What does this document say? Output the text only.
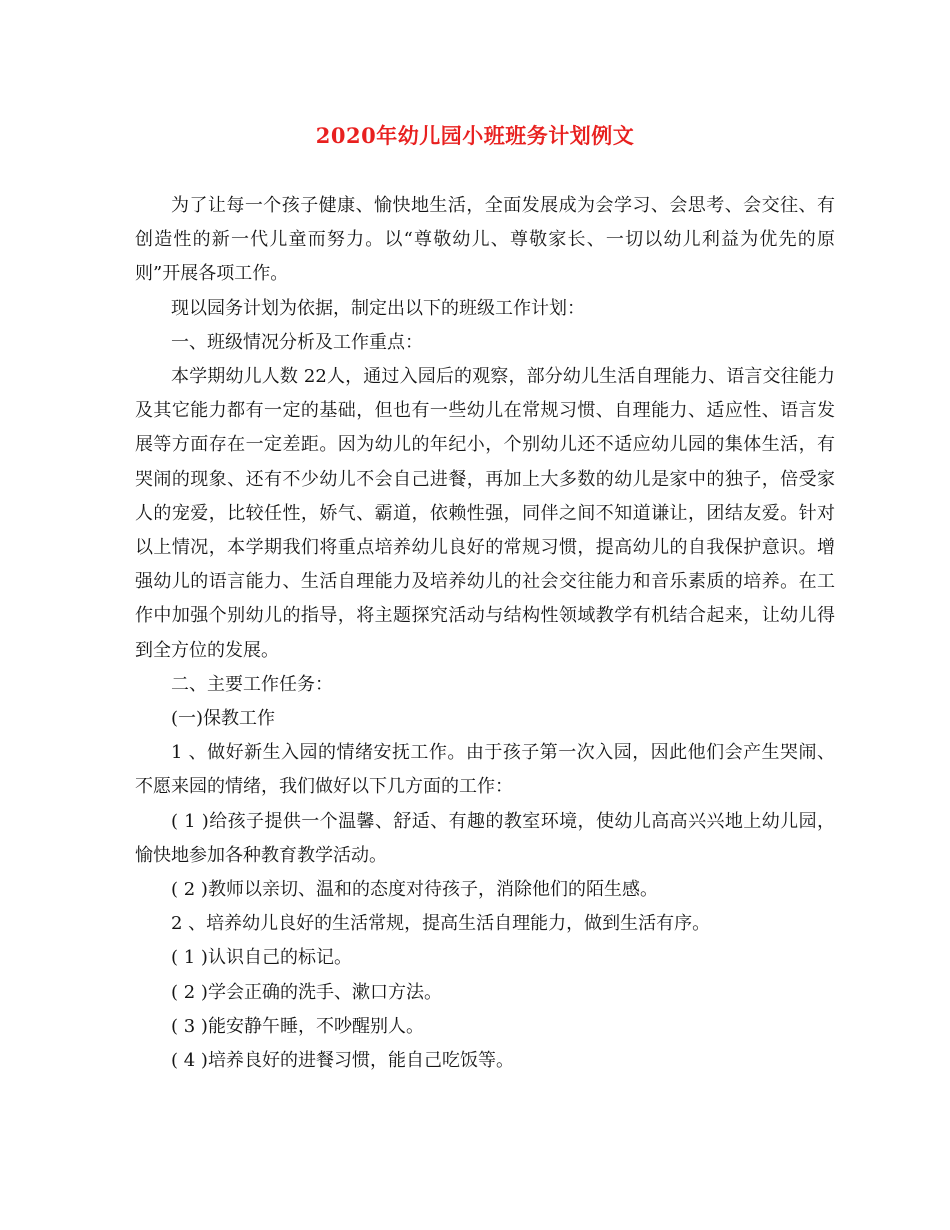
2020年幼儿园小班班务计划例文

为了让每一个孩子健康、愉快地生活，全面发展成为会学习、会思考、会交往、有创造性的新一代儿童而努力。以“尊敬幼儿、尊敬家长、一切以幼儿利益为优先的原则”开展各项工作。

现以园务计划为依据，制定出以下的班级工作计划：

一、班级情况分析及工作重点：

本学期幼儿人数 22人，通过入园后的观察，部分幼儿生活自理能力、语言交往能力及其它能力都有一定的基础，但也有一些幼儿在常规习惯、自理能力、适应性、语言发展等方面存在一定差距。因为幼儿的年纪小，个别幼儿还不适应幼儿园的集体生活，有哭闹的现象、还有不少幼儿不会自己进餐，再加上大多数的幼儿是家中的独子，倍受家人的宠爱，比较任性，娇气、霸道，依赖性强，同伴之间不知道谦让，团结友爱。针对以上情况，本学期我们将重点培养幼儿良好的常规习惯，提高幼儿的自我保护意识。增强幼儿的语言能力、生活自理能力及培养幼儿的社会交往能力和音乐素质的培养。在工作中加强个别幼儿的指导，将主题探究活动与结构性领域教学有机结合起来，让幼儿得到全方位的发展。

二、主要工作任务：

(一)保教工作

1 、做好新生入园的情绪安抚工作。由于孩子第一次入园，因此他们会产生哭闹、不愿来园的情绪，我们做好以下几方面的工作：

( 1 )给孩子提供一个温馨、舒适、有趣的教室环境，使幼儿高高兴兴地上幼儿园，愉快地参加各种教育教学活动。

( 2 )教师以亲切、温和的态度对待孩子，消除他们的陌生感。

2 、培养幼儿良好的生活常规，提高生活自理能力，做到生活有序。

( 1 )认识自己的标记。

( 2 )学会正确的洗手、漱口方法。

( 3 )能安静午睡，不吵醒别人。

( 4 )培养良好的进餐习惯，能自己吃饭等。
